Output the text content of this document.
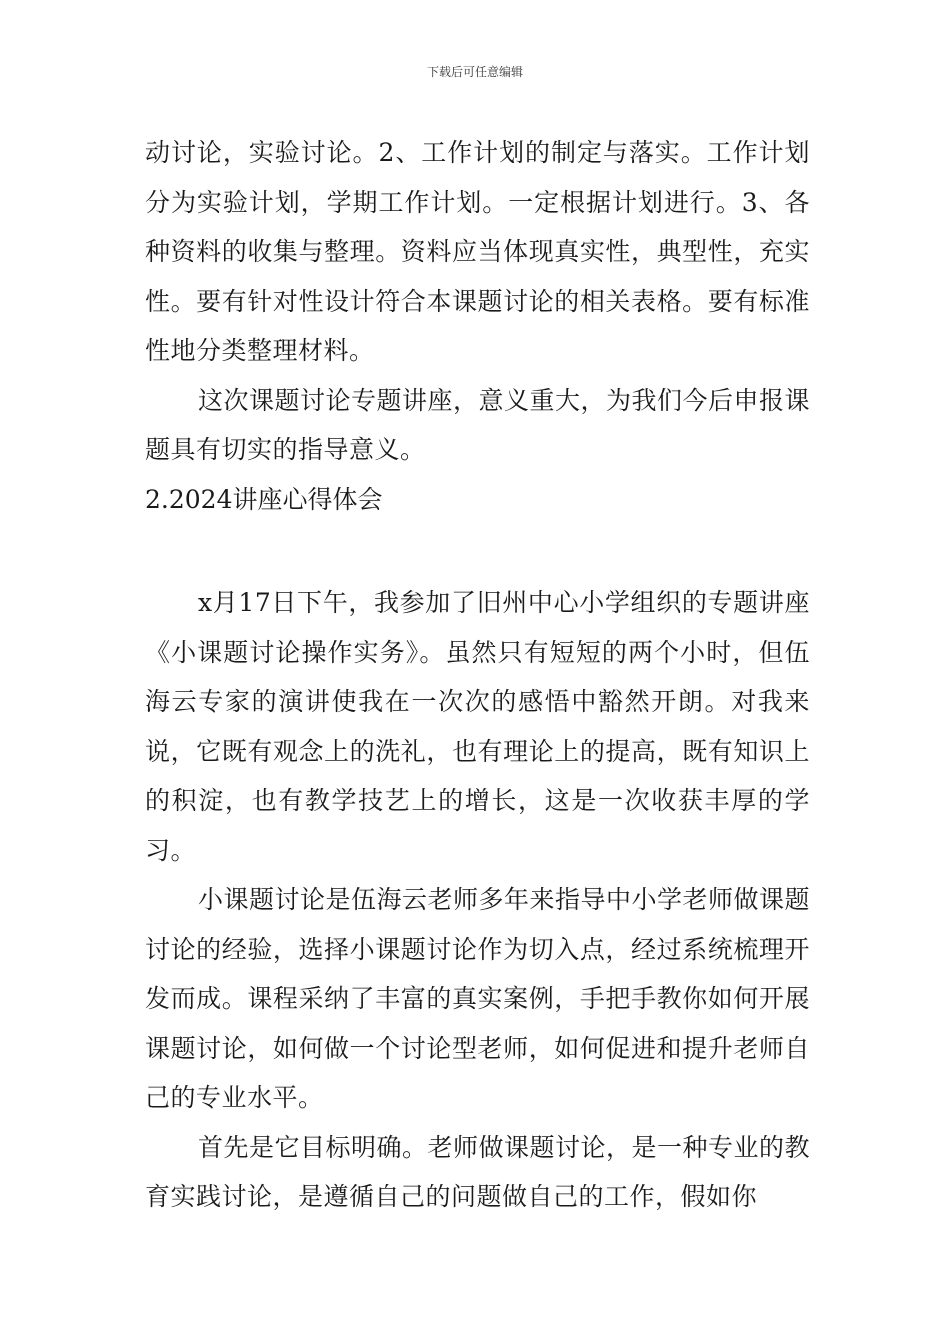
下载后可任意编辑

动讨论，实验讨论。2、工作计划的制定与落实。工作计划分为实验计划，学期工作计划。一定根据计划进行。3、各种资料的收集与整理。资料应当体现真实性，典型性，充实性。要有针对性设计符合本课题讨论的相关表格。要有标准性地分类整理材料。

这次课题讨论专题讲座，意义重大，为我们今后申报课题具有切实的指导意义。

2.2024讲座心得体会

x月17日下午，我参加了旧州中心小学组织的专题讲座《小课题讨论操作实务》。虽然只有短短的两个小时，但伍海云专家的演讲使我在一次次的感悟中豁然开朗。对我来说，它既有观念上的洗礼，也有理论上的提高，既有知识上的积淀，也有教学技艺上的增长，这是一次收获丰厚的学习。

小课题讨论是伍海云老师多年来指导中小学老师做课题讨论的经验，选择小课题讨论作为切入点，经过系统梳理开发而成。课程采纳了丰富的真实案例，手把手教你如何开展课题讨论，如何做一个讨论型老师，如何促进和提升老师自己的专业水平。

首先是它目标明确。老师做课题讨论，是一种专业的教育实践讨论，是遵循自己的问题做自己的工作，假如你
